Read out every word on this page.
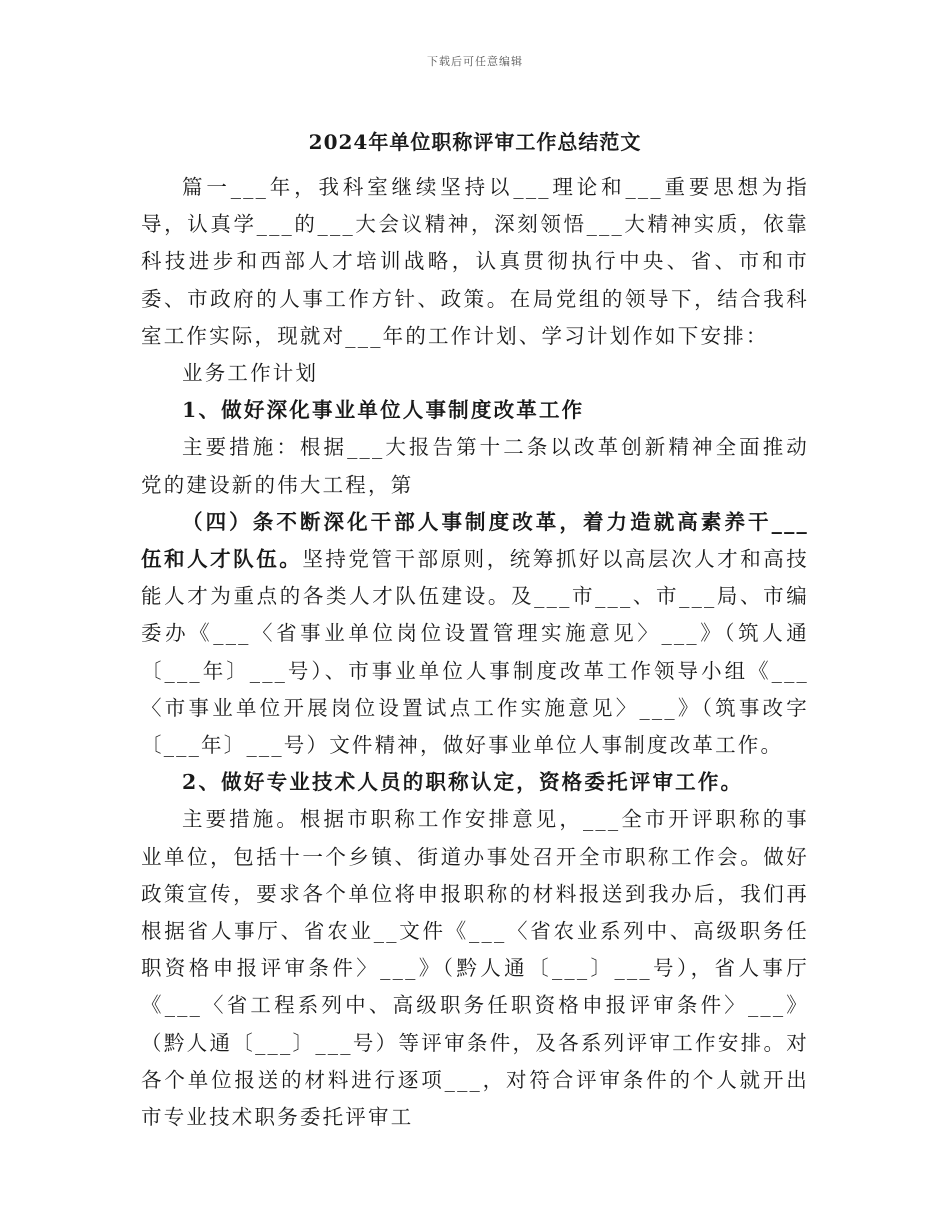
下载后可任意编辑
2024年单位职称评审工作总结范文

篇一___年，我科室继续坚持以___理论和___重要思想为指导，认真学___的___大会议精神，深刻领悟___大精神实质，依靠科技进步和西部人才培训战略，认真贯彻执行中央、省、市和市委、市政府的人事工作方针、政策。在局党组的领导下，结合我科室工作实际，现就对___年的工作计划、学习计划作如下安排：

业务工作计划

1、做好深化事业单位人事制度改革工作

主要措施：根据___大报告第十二条以改革创新精神全面推动党的建设新的伟大工程，第

（四）条不断深化干部人事制度改革，着力造就高素养干___伍和人才队伍。坚持党管干部原则，统筹抓好以高层次人才和高技能人才为重点的各类人才队伍建设。及___市___、市___局、市编委办《___〈省事业单位岗位设置管理实施意见〉___》（筑人通〔___年〕___号）、市事业单位人事制度改革工作领导小组《___〈市事业单位开展岗位设置试点工作实施意见〉___》（筑事改字〔___年〕___号）文件精神，做好事业单位人事制度改革工作。

2、做好专业技术人员的职称认定，资格委托评审工作。

主要措施。根据市职称工作安排意见，___全市开评职称的事业单位，包括十一个乡镇、街道办事处召开全市职称工作会。做好政策宣传，要求各个单位将申报职称的材料报送到我办后，我们再根据省人事厅、省农业__文件《___〈省农业系列中、高级职务任职资格申报评审条件〉___》（黔人通〔___〕___号），省人事厅《___〈省工程系列中、高级职务任职资格申报评审条件〉___》（黔人通〔___〕___号）等评审条件，及各系列评审工作安排。对各个单位报送的材料进行逐项___，对符合评审条件的个人就开出市专业技术职务委托评审工
